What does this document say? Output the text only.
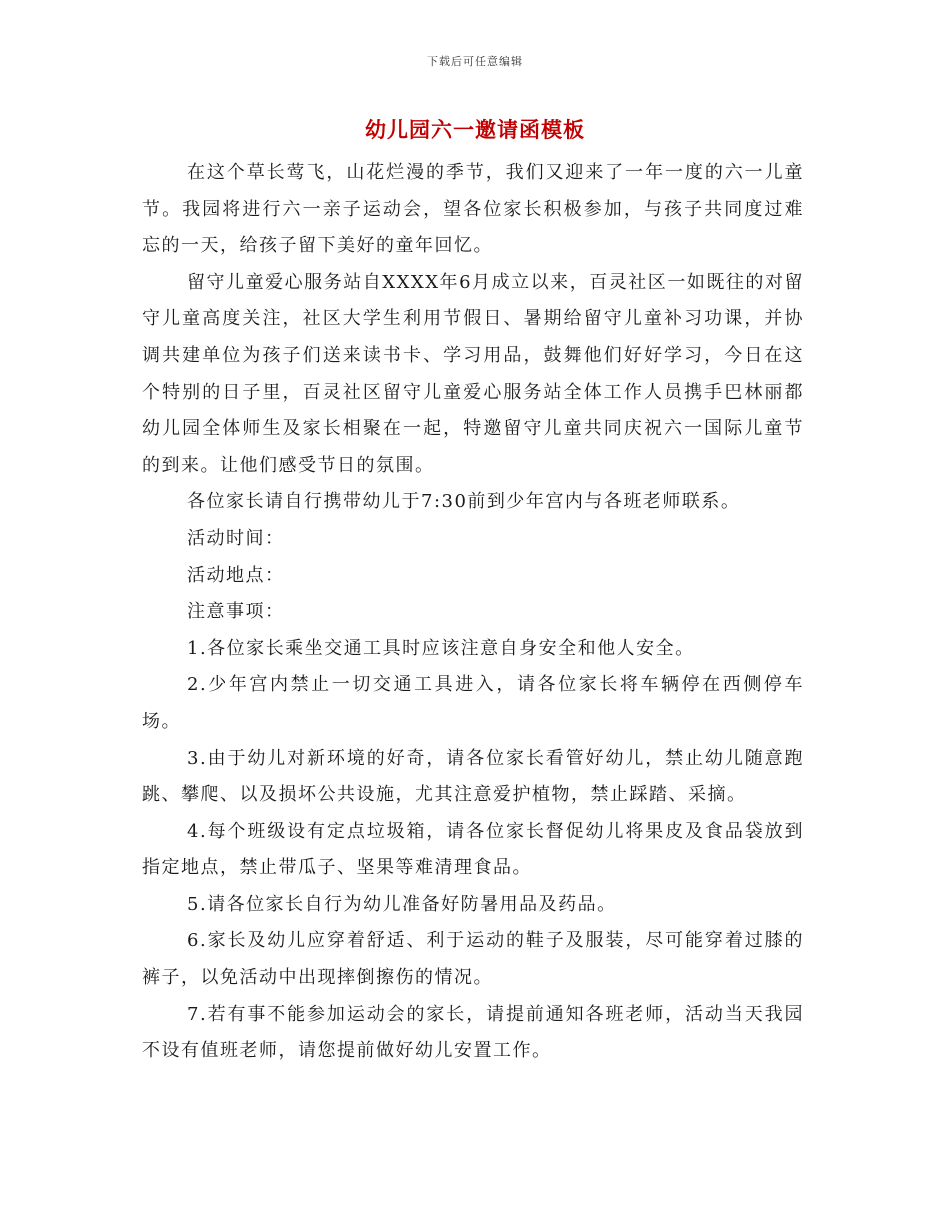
下载后可任意编辑
幼儿园六一邀请函模板

在这个草长莺飞，山花烂漫的季节，我们又迎来了一年一度的六一儿童节。我园将进行六一亲子运动会，望各位家长积极参加，与孩子共同度过难忘的一天，给孩子留下美好的童年回忆。

留守儿童爱心服务站自XXXX年6月成立以来，百灵社区一如既往的对留守儿童高度关注，社区大学生利用节假日、暑期给留守儿童补习功课，并协调共建单位为孩子们送来读书卡、学习用品，鼓舞他们好好学习，今日在这个特别的日子里，百灵社区留守儿童爱心服务站全体工作人员携手巴林丽都幼儿园全体师生及家长相聚在一起，特邀留守儿童共同庆祝六一国际儿童节的到来。让他们感受节日的氛围。

各位家长请自行携带幼儿于7:30前到少年宫内与各班老师联系。

活动时间：

活动地点：

注意事项：

1.各位家长乘坐交通工具时应该注意自身安全和他人安全。

2.少年宫内禁止一切交通工具进入，请各位家长将车辆停在西侧停车场。

3.由于幼儿对新环境的好奇，请各位家长看管好幼儿，禁止幼儿随意跑跳、攀爬、以及损坏公共设施，尤其注意爱护植物，禁止踩踏、采摘。

4.每个班级设有定点垃圾箱，请各位家长督促幼儿将果皮及食品袋放到指定地点，禁止带瓜子、坚果等难清理食品。

5.请各位家长自行为幼儿准备好防暑用品及药品。

6.家长及幼儿应穿着舒适、利于运动的鞋子及服装，尽可能穿着过膝的裤子，以免活动中出现摔倒擦伤的情况。

7.若有事不能参加运动会的家长，请提前通知各班老师，活动当天我园不设有值班老师，请您提前做好幼儿安置工作。
